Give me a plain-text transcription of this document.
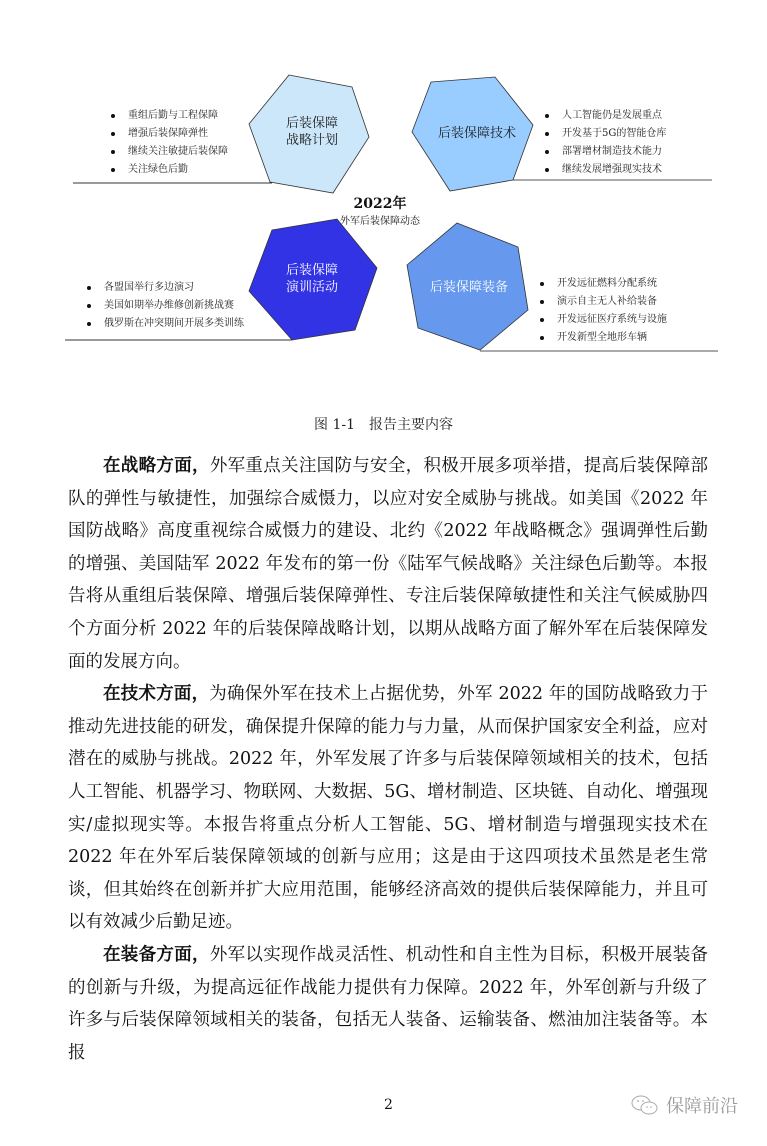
重组后勤与工程保障
增强后装保障弹性
继续关注敏捷后装保障
关注绿色后勤
人工智能仍是发展重点
开发基于5G的智能仓库
部署增材制造技术能力
继续发展增强现实技术
各盟国举行多边演习
美国如期举办维修创新挑战赛
俄罗斯在冲突期间开展多类训练
开发远征燃料分配系统
演示自主无人补给装备
开发远征医疗系统与设施
开发新型全地形车辆
后装保障
战略计划	后装保障技术
后装保障
演训活动	后装保障装备
2022年
外军后装保障动态
图 1-1 报告主要内容

在战略方面，外军重点关注国防与安全，积极开展多项举措，提高后装保障部队的弹性与敏捷性，加强综合威慑力，以应对安全威胁与挑战。如美国《2022 年国防战略》高度重视综合威慑力的建设、北约《2022 年战略概念》强调弹性后勤的增强、美国陆军 2022 年发布的第一份《陆军气候战略》关注绿色后勤等。本报告将从重组后装保障、增强后装保障弹性、专注后装保障敏捷性和关注气候威胁四个方面分析 2022 年的后装保障战略计划，以期从战略方面了解外军在后装保障发面的发展方向。

在技术方面，为确保外军在技术上占据优势，外军 2022 年的国防战略致力于推动先进技能的研发，确保提升保障的能力与力量，从而保护国家安全利益，应对潜在的威胁与挑战。2022 年，外军发展了许多与后装保障领域相关的技术，包括人工智能、机器学习、物联网、大数据、5G、增材制造、区块链、自动化、增强现实/虚拟现实等。本报告将重点分析人工智能、5G、增材制造与增强现实技术在 2022 年在外军后装保障领域的创新与应用；这是由于这四项技术虽然是老生常谈，但其始终在创新并扩大应用范围，能够经济高效的提供后装保障能力，并且可以有效减少后勤足迹。

在装备方面，外军以实现作战灵活性、机动性和自主性为目标，积极开展装备的创新与升级，为提高远征作战能力提供有力保障。2022 年，外军创新与升级了许多与后装保障领域相关的装备，包括无人装备、运输装备、燃油加注装备等。本报

2	保障前沿
